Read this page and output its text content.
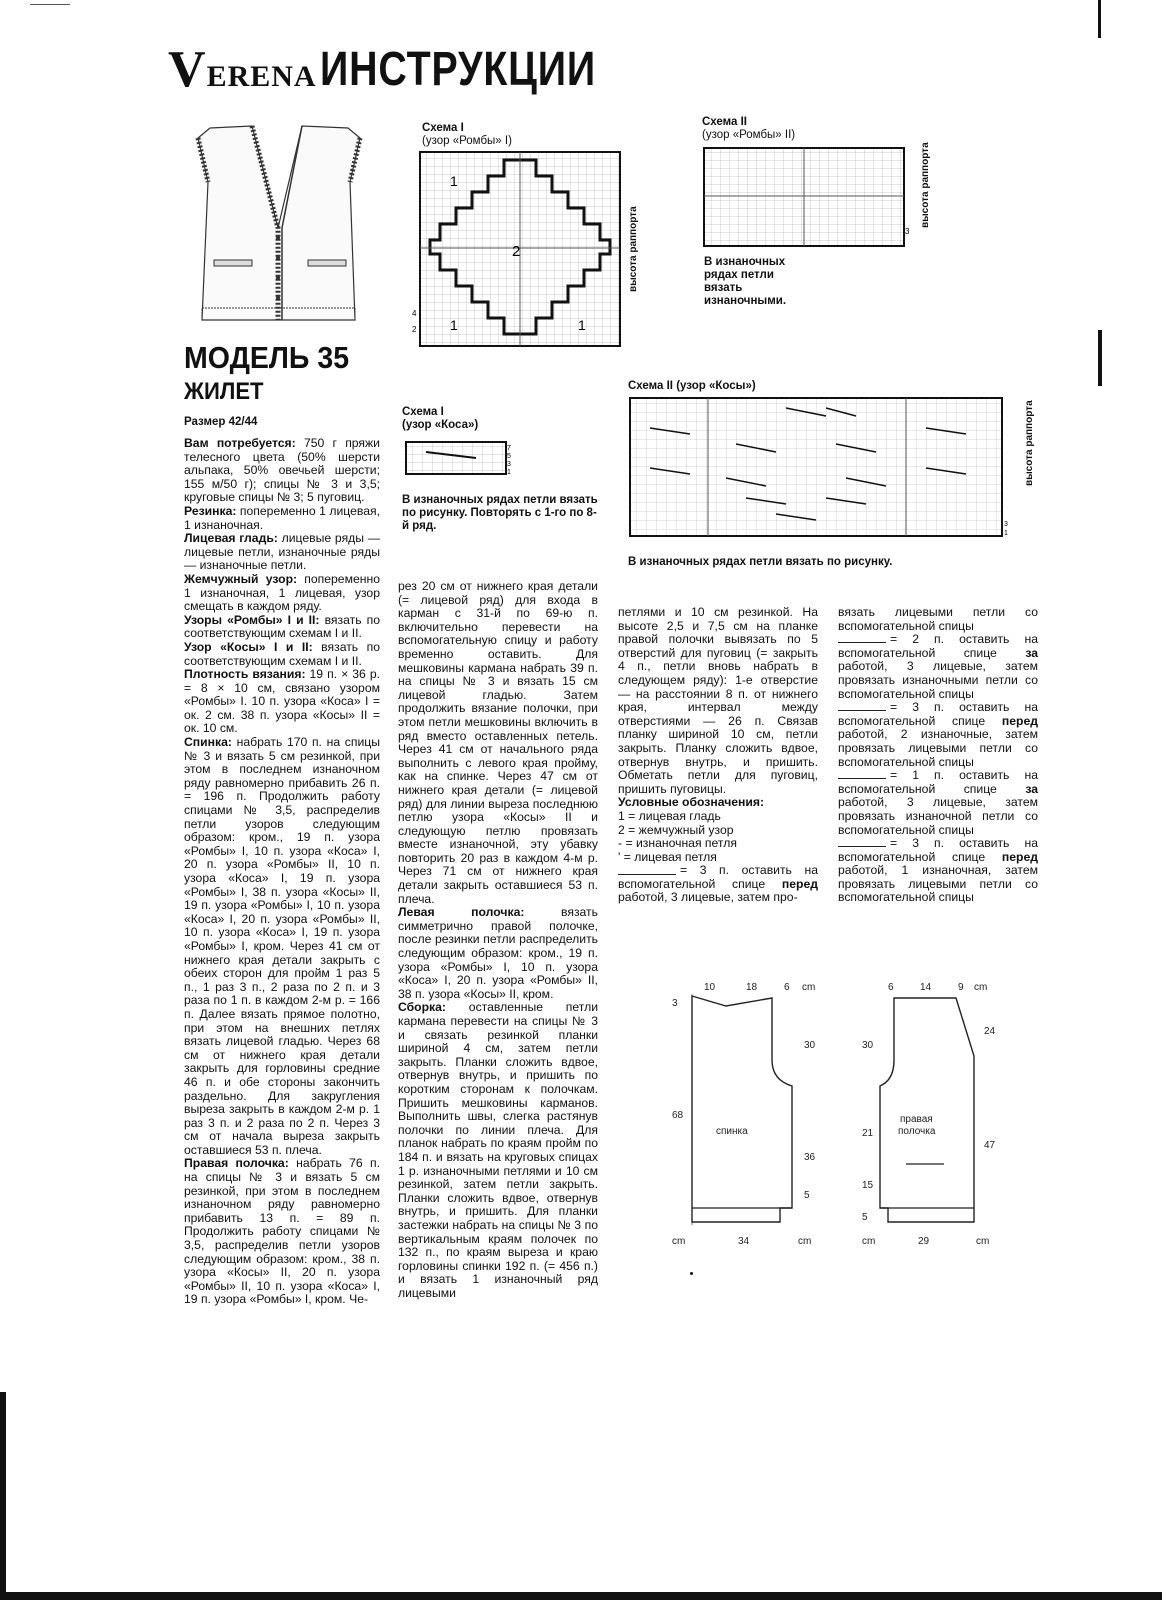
VERENA ИНСТРУКЦИИ
МОДЕЛЬ 35
ЖИЛЕТ
Размер 42/44

Вам потребуется: 750 г пряжи телесного цвета (50% шерсти альпака, 50% овечьей шерсти; 155 м/50 г); спицы № 3 и 3,5; круговые спицы № 3; 5 пуговиц.

Резинка: попеременно 1 лицевая, 1 изнаночная.

Лицевая гладь: лицевые ряды — лицевые петли, изнаночные ряды — изнаночные петли.

Жемчужный узор: попеременно 1 изнаночная, 1 лицевая, узор смещать в каждом ряду.

Узоры «Ромбы» I и II: вязать по соответствующим схемам I и II.

Узор «Косы» I и II: вязать по соответствующим схемам I и II.

Плотность вязания: 19 п. × 36 р. = 8 × 10 см, связано узором «Ромбы» I. 10 п. узора «Коса» I = ок. 2 см. 38 п. узора «Косы» II = ок. 10 см.

Спинка: набрать 170 п. на спицы № 3 и вязать 5 см резинкой, при этом в последнем изнаночном ряду равномерно прибавить 26 п. = 196 п. Продолжить работу спицами № 3,5, распределив петли узоров следующим образом: кром., 19 п. узора «Ромбы» I, 10 п. узора «Коса» I, 20 п. узора «Ромбы» II, 10 п. узора «Коса» I, 19 п. узора «Ромбы» I, 38 п. узора «Косы» II, 19 п. узора «Ромбы» I, 10 п. узора «Коса» I, 20 п. узора «Ромбы» II, 10 п. узора «Коса» I, 19 п. узора «Ромбы» I, кром. Через 41 см от нижнего края детали закрыть с обеих сторон для пройм 1 раз 5 п., 1 раз 3 п., 2 раза по 2 п. и 3 раза по 1 п. в каждом 2-м р. = 166 п. Далее вязать прямое полотно, при этом на внешних петлях вязать лицевой гладью. Через 68 см от нижнего края детали закрыть для горловины средние 46 п. и обе стороны закончить раздельно. Для закругления выреза закрыть в каждом 2-м р. 1 раз 3 п. и 2 раза по 2 п. Через 3 см от начала выреза закрыть оставшиеся 53 п. плеча.

Правая полочка: набрать 76 п. на спицы № 3 и вязать 5 см резинкой, при этом в последнем изнаночном ряду равномерно прибавить 13 п. = 89 п. Продолжить работу спицами № 3,5, распределив петли узоров следующим образом: кром., 38 п. узора «Косы» II, 20 п. узора «Ромбы» II, 10 п. узора «Коса» I, 19 п. узора «Ромбы» I, кром. Че-

рез 20 см от нижнего края детали (= лицевой ряд) для входа в карман с 31-й по 69-ю п. включительно перевести на вспомогательную спицу и работу временно оставить. Для мешковины кармана набрать 39 п. на спицы № 3 и вязать 15 см лицевой гладью. Затем продолжить вязание полочки, при этом петли мешковины включить в ряд вместо оставленных петель. Через 41 см от начального ряда выполнить с левого края пройму, как на спинке. Через 47 см от нижнего края детали (= лицевой ряд) для линии выреза последнюю петлю узора «Косы» II и следующую петлю провязать вместе изнаночной, эту убавку повторить 20 раз в каждом 4-м р. Через 71 см от нижнего края детали закрыть оставшиеся 53 п. плеча.

Левая полочка: вязать симметрично правой полочке, после резинки петли распределить следующим образом: кром., 19 п. узора «Ромбы» I, 10 п. узора «Коса» I, 20 п. узора «Ромбы» II, 38 п. узора «Косы» II, кром.

Сборка: оставленные петли кармана перевести на спицы № 3 и связать резинкой планки шириной 4 см, затем петли закрыть. Планки сложить вдвое, отвернув внутрь, и пришить по коротким сторонам к полочкам. Пришить мешковины карманов. Выполнить швы, слегка растянув полочки по линии плеча. Для планок набрать по краям пройм по 184 п. и вязать на круговых спицах 1 р. изнаночными петлями и 10 см резинкой, затем петли закрыть. Планки сложить вдвое, отвернув внутрь, и пришить. Для планки застежки набрать на спицы № 3 по вертикальным краям полочек по 132 п., по краям выреза и краю горловины спинки 192 п. (= 456 п.) и вязать 1 изнаночный ряд лицевыми

петлями и 10 см резинкой. На высоте 2,5 и 7,5 см на планке правой полочки вывязать по 5 отверстий для пуговиц (= закрыть 4 п., петли вновь набрать в следующем ряду): 1-е отверстие — на расстоянии 8 п. от нижнего края, интервал между отверстиями — 26 п. Связав планку шириной 10 см, петли закрыть. Планку сложить вдвое, отвернув внутрь, и пришить. Обметать петли для пуговиц, пришить пуговицы.

Условные обозначения:

1 = лицевая гладь

2 = жемчужный узор

- = изнаночная петля

' = лицевая петля

= 3 п. оставить на вспомогательной спице перед работой, 3 лицевые, затем про-

вязать лицевыми петли со вспомогательной спицы

= 2 п. оставить на вспомогательной спице за работой, 3 лицевые, затем провязать изнаночными петли со вспомогательной спицы

= 3 п. оставить на вспомогательной спице перед работой, 2 изнаночные, затем провязать лицевыми петли со вспомогательной спицы

= 1 п. оставить на вспомогательной спице за работой, 3 лицевые, затем провязать изнаночной петли со вспомогательной спицы

= 3 п. оставить на вспомогательной спице перед работой, 1 изнаночная, затем провязать лицевыми петли со вспомогательной спицы

Схема I
(узор «Ромбы» I)
1
2
1	1
4
2
высота раппорта
Схема II
(узор «Ромбы» II)
3
высота раппорта
В изнаночных рядах петли вязать изнаночными.
Схема I
(узор «Коса»)
7
5
3
1
В изнаночных рядах петли вязать по рисунку. Повторять с 1-го по 8-й ряд.
Схема II (узор «Косы»)
3
1
высота раппорта
В изнаночных рядах петли вязать по рисунку.
10	18	6 cm
3
68
30
36
5
cm	34	cm
спинка
6	14	9 cm
30
21
15
5
24
47
cm	29	cm
правая
полочка
